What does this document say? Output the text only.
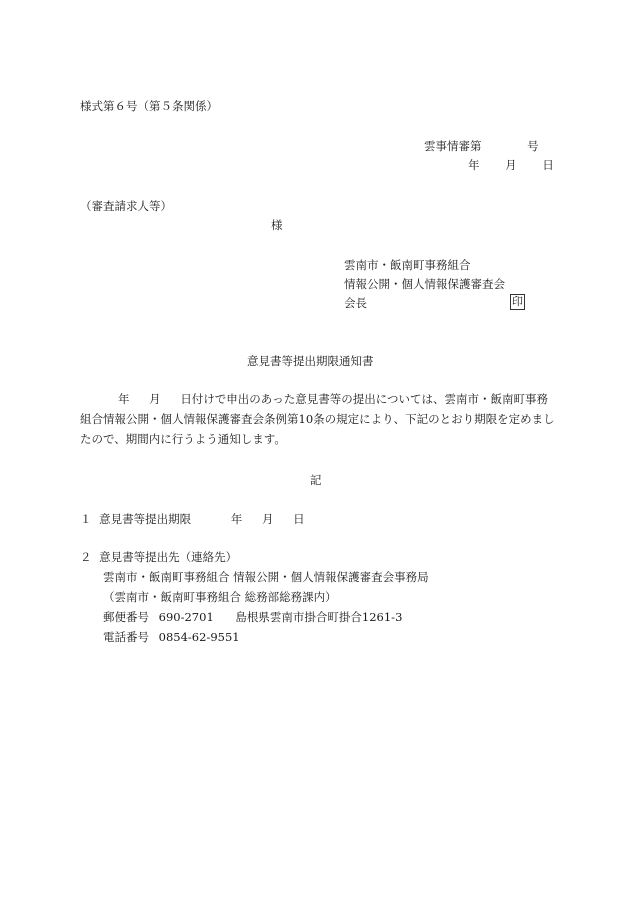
様式第６号（第５条関係）
雲事情審第	号
年 月 日
（審査請求人等）
様
雲南市・飯南町事務組合
情報公開・個人情報保護審査会
会長	印
意見書等提出期限通知書
年 月 日付けで申出のあった意見書等の提出については、雲南市・飯南町事務
組合情報公開・個人情報保護審査会条例第10条の規定により、下記のとおり期限を定めまし
たので、期間内に行うよう通知します。
記
１ 意見書等提出期限	年 月 日
２ 意見書等提出先（連絡先）
雲南市・飯南町事務組合 情報公開・個人情報保護審査会事務局
（雲南市・飯南町事務組合 総務部総務課内）
郵便番号 690-2701 島根県雲南市掛合町掛合1261-3
電話番号 0854-62-9551
